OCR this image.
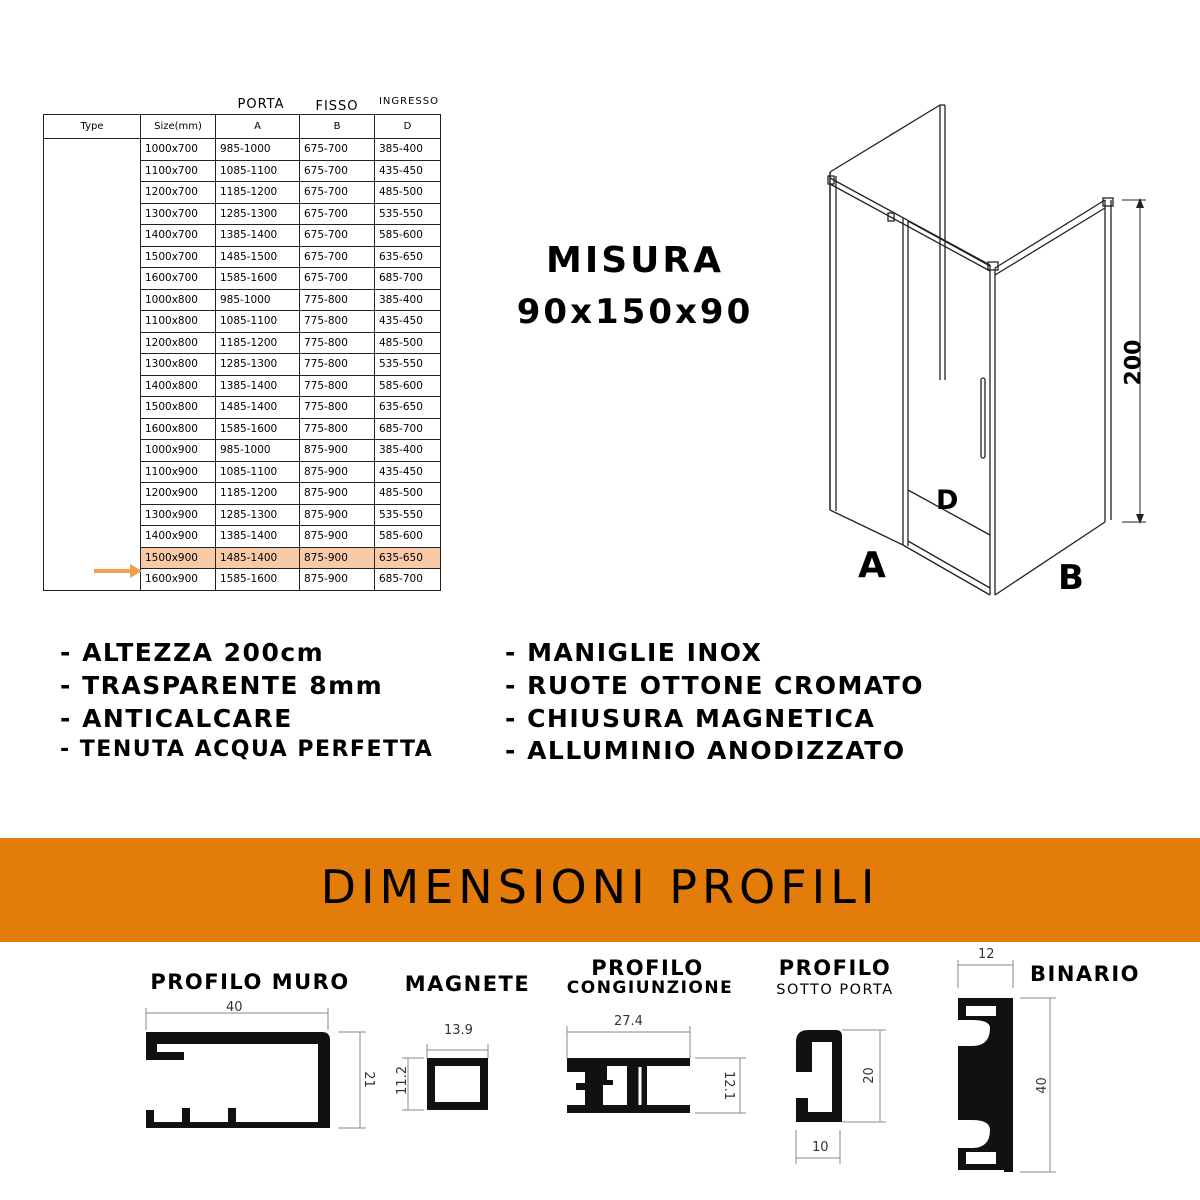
PORTA	FISSO	INGRESSO
Type	Size(mm)	A	B	D
	1000x700	985-1000	675-700	385-400
	1100x700	1085-1100	675-700	435-450
	1200x700	1185-1200	675-700	485-500
	1300x700	1285-1300	675-700	535-550
	1400x700	1385-1400	675-700	585-600
	1500x700	1485-1500	675-700	635-650
	1600x700	1585-1600	675-700	685-700
	1000x800	985-1000	775-800	385-400
	1100x800	1085-1100	775-800	435-450
	1200x800	1185-1200	775-800	485-500
	1300x800	1285-1300	775-800	535-550
	1400x800	1385-1400	775-800	585-600
	1500x800	1485-1400	775-800	635-650
	1600x800	1585-1600	775-800	685-700
	1000x900	985-1000	875-900	385-400
	1100x900	1085-1100	875-900	435-450
	1200x900	1185-1200	875-900	485-500
	1300x900	1285-1300	875-900	535-550
	1400x900	1385-1400	875-900	585-600
	1500x900	1485-1400	875-900	635-650
	1600x900	1585-1600	875-900	685-700
MISURA
90x150x90
200
A	B
D
- ALTEZZA 200cm
- TRASPARENTE 8mm
- ANTICALCARE
- TENUTA ACQUA PERFETTA
- MANIGLIE INOX
- RUOTE OTTONE CROMATO
- CHIUSURA MAGNETICA
- ALLUMINIO ANODIZZATO
DIMENSIONI PROFILI
PROFILO MURO	MAGNETE
PROFILO
CONGIUNZIONE
PROFILO
SOTTO PORTA
BINARIO
40
21
13.9
11.2
27.4
12.1	20
10
12
40
